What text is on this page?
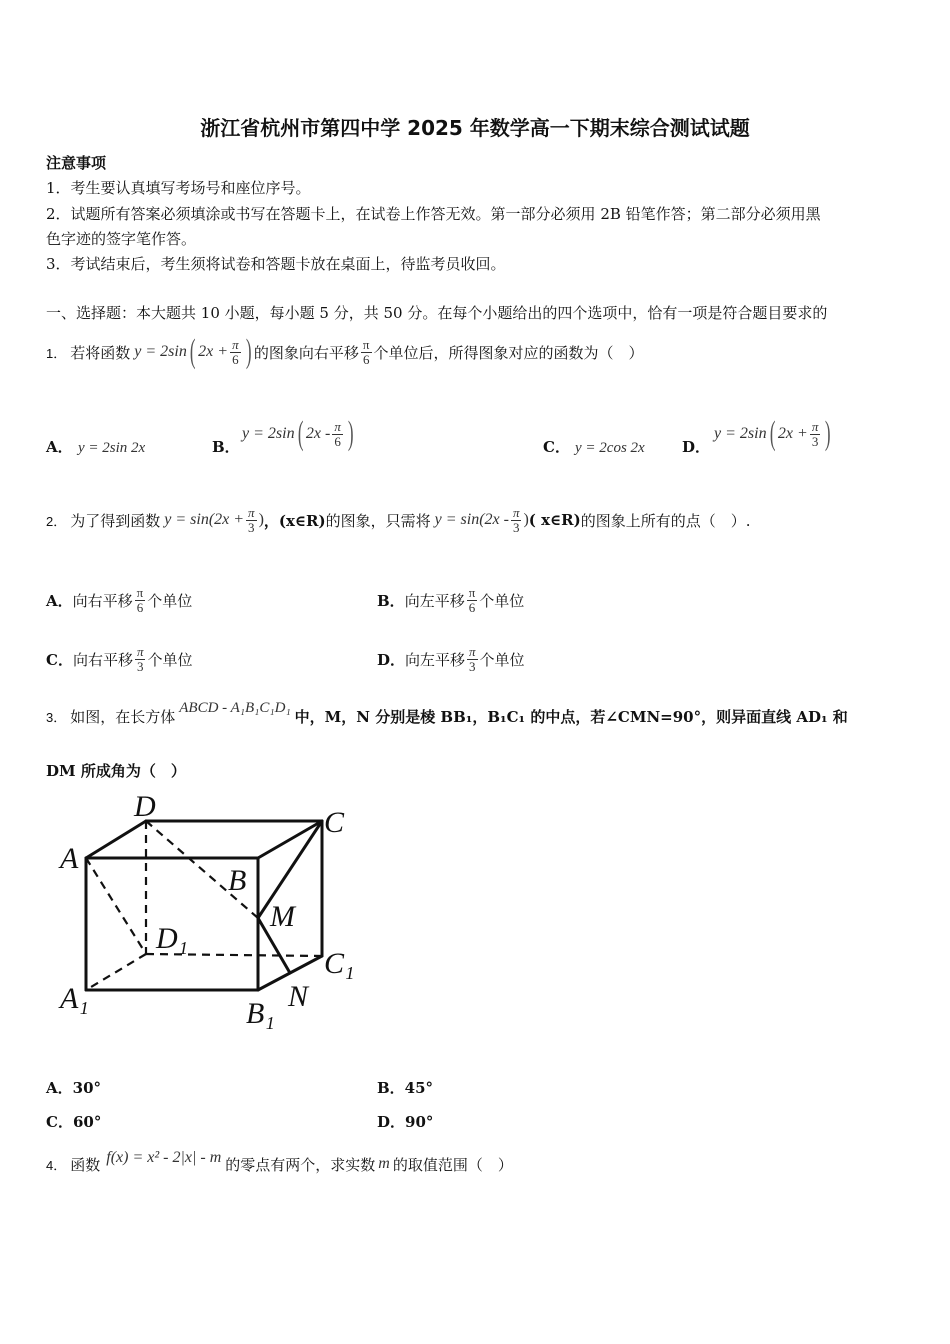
浙江省杭州市第四中学 2025 年数学高一下期末综合测试试题
注意事项
1．考生要认真填写考场号和座位序号。
2．试题所有答案必须填涂或书写在答题卡上，在试卷上作答无效。第一部分必须用 2B 铅笔作答；第二部分必须用黑
色字迹的签字笔作答。
3．考试结束后，考生须将试卷和答题卡放在桌面上，待监考员收回。
一、选择题：本大题共 10 小题，每小题 5 分，共 50 分。在每个小题给出的四个选项中，恰有一项是符合题目要求的
1． 若将函数 y = 2sin ( $2x + \frac{\pi}{6}$ ) 的图象向右平移 $\frac{\pi}{6}$ 个单位后，所得图象对应的函数为（　）
A． y = 2sin 2x	B．
y = 2sin ( $2x - \frac{\pi}{6}$ )	C． y = 2cos 2x D．
y = 2sin ( $2x + \frac{\pi}{3}$ )
2． 为了得到函数 $y = \sin(2x + \frac{\pi}{3}$ ) ，(x∈R) 的图象，只需将 $y = \sin(2x - \frac{\pi}{3}$ ) ( x∈R) 的图象上所有的点（　）.
A． 向右平移 $\frac{\pi}{6}$ 个单位	B． 向左平移 $\frac{\pi}{6}$ 个单位
C． 向右平移 $\frac{\pi}{3}$ 个单位	D． 向左平移 $\frac{\pi}{3}$ 个单位
3． 如图，在长方体 ABCD - A₁B₁C₁D₁ 中，M，N 分别是棱 BB₁，B₁C₁ 的中点，若∠CMN=90°，则异面直线 AD₁ 和
DM 所成角为（　）
D	C
A
B
M
D₁
C₁
A₁	N
B₁
A．30°	B．45°
C．60°	D．90°
4． 函数 f(x) = x² - 2|x| - m 的零点有两个，求实数 m 的取值范围（　）
